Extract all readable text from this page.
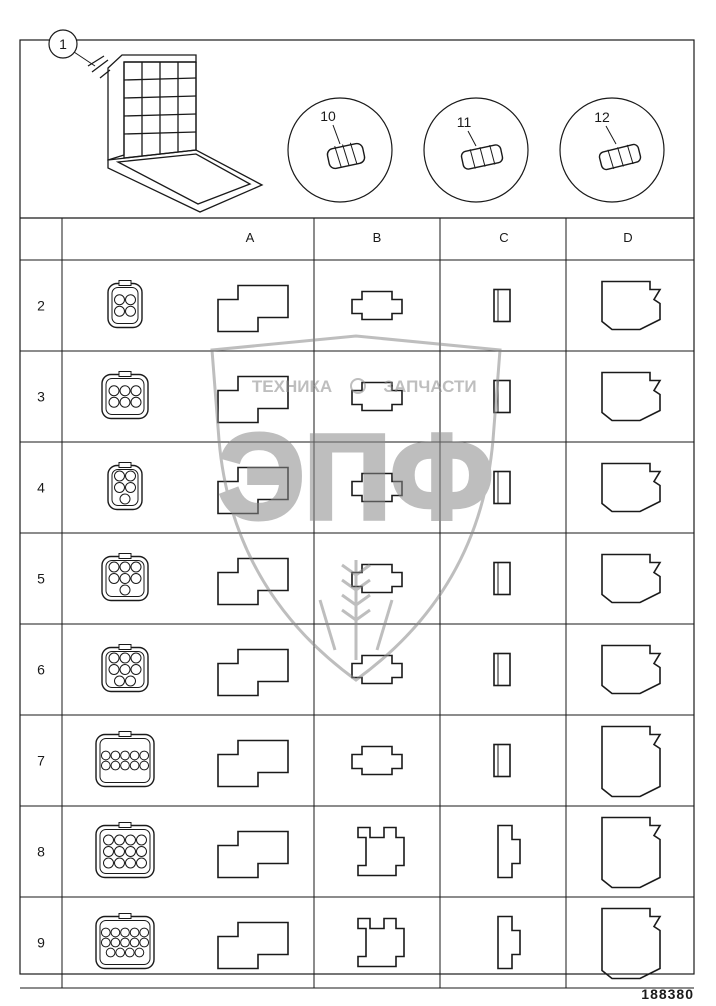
1
10	11	12
A	B	C	D
2
3
4
5
6
7
8
9
ТЕХНИКА	ЗАПЧАСТИ
ЭПФ
188380
